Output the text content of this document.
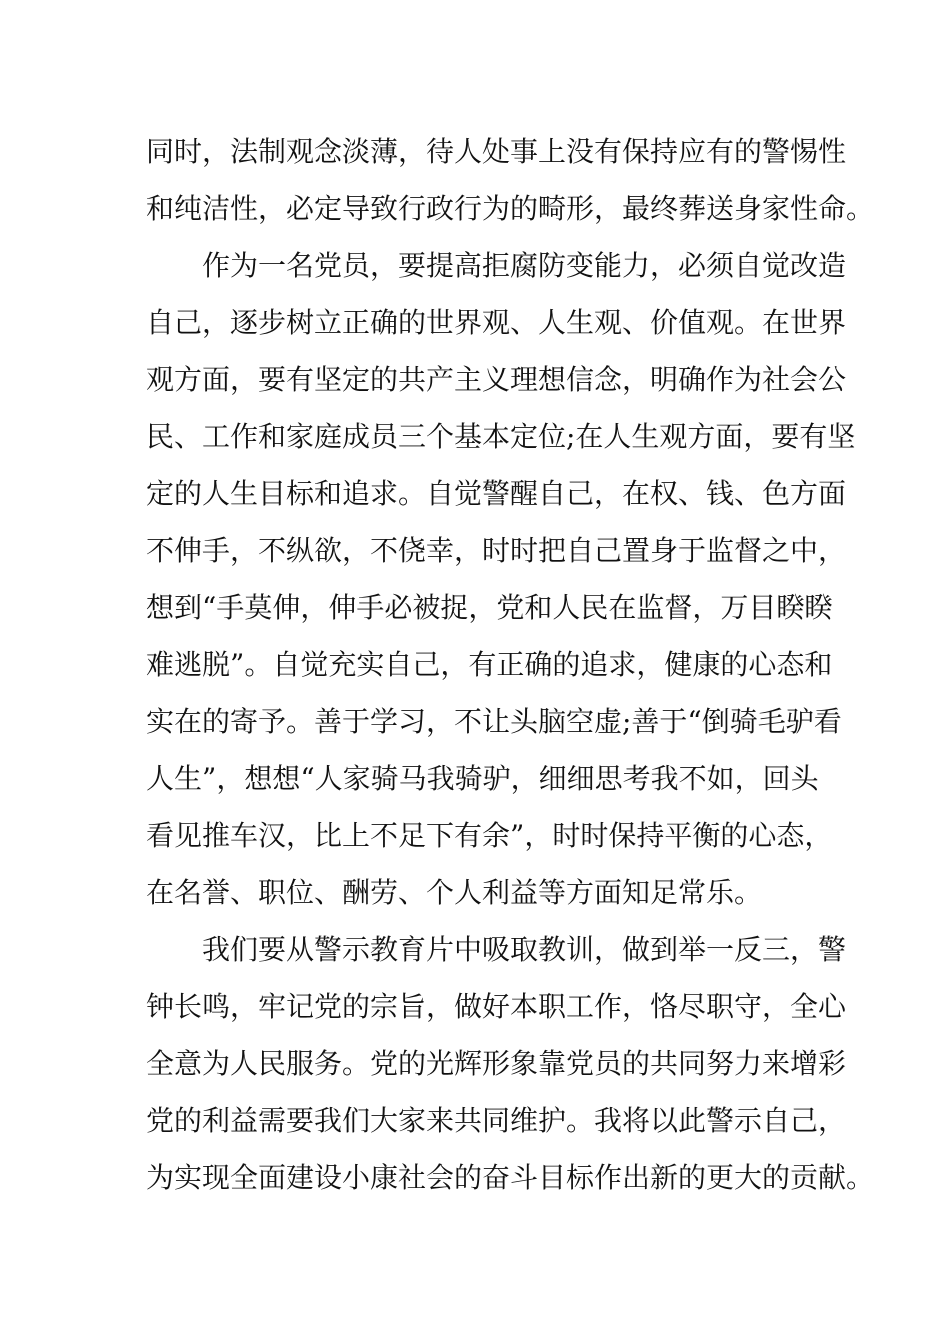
同时，法制观念淡薄，待人处事上没有保持应有的警惕性
和纯洁性，必定导致行政行为的畸形，最终葬送身家性命。
作为一名党员，要提高拒腐防变能力，必须自觉改造
自己，逐步树立正确的世界观、人生观、价值观。在世界
观方面，要有坚定的共产主义理想信念，明确作为社会公
民、工作和家庭成员三个基本定位;在人生观方面，要有坚
定的人生目标和追求。自觉警醒自己，在权、钱、色方面
不伸手，不纵欲，不侥幸，时时把自己置身于监督之中，
想到“手莫伸，伸手必被捉，党和人民在监督，万目睽睽
难逃脱”。自觉充实自己，有正确的追求，健康的心态和
实在的寄予。善于学习，不让头脑空虚;善于“倒骑毛驴看
人生”，想想“人家骑马我骑驴，细细思考我不如，回头
看见推车汉，比上不足下有余”，时时保持平衡的心态，
在名誉、职位、酬劳、个人利益等方面知足常乐。
我们要从警示教育片中吸取教训，做到举一反三，警
钟长鸣，牢记党的宗旨，做好本职工作，恪尽职守，全心
全意为人民服务。党的光辉形象靠党员的共同努力来增彩
党的利益需要我们大家来共同维护。我将以此警示自己，
为实现全面建设小康社会的奋斗目标作出新的更大的贡献。
